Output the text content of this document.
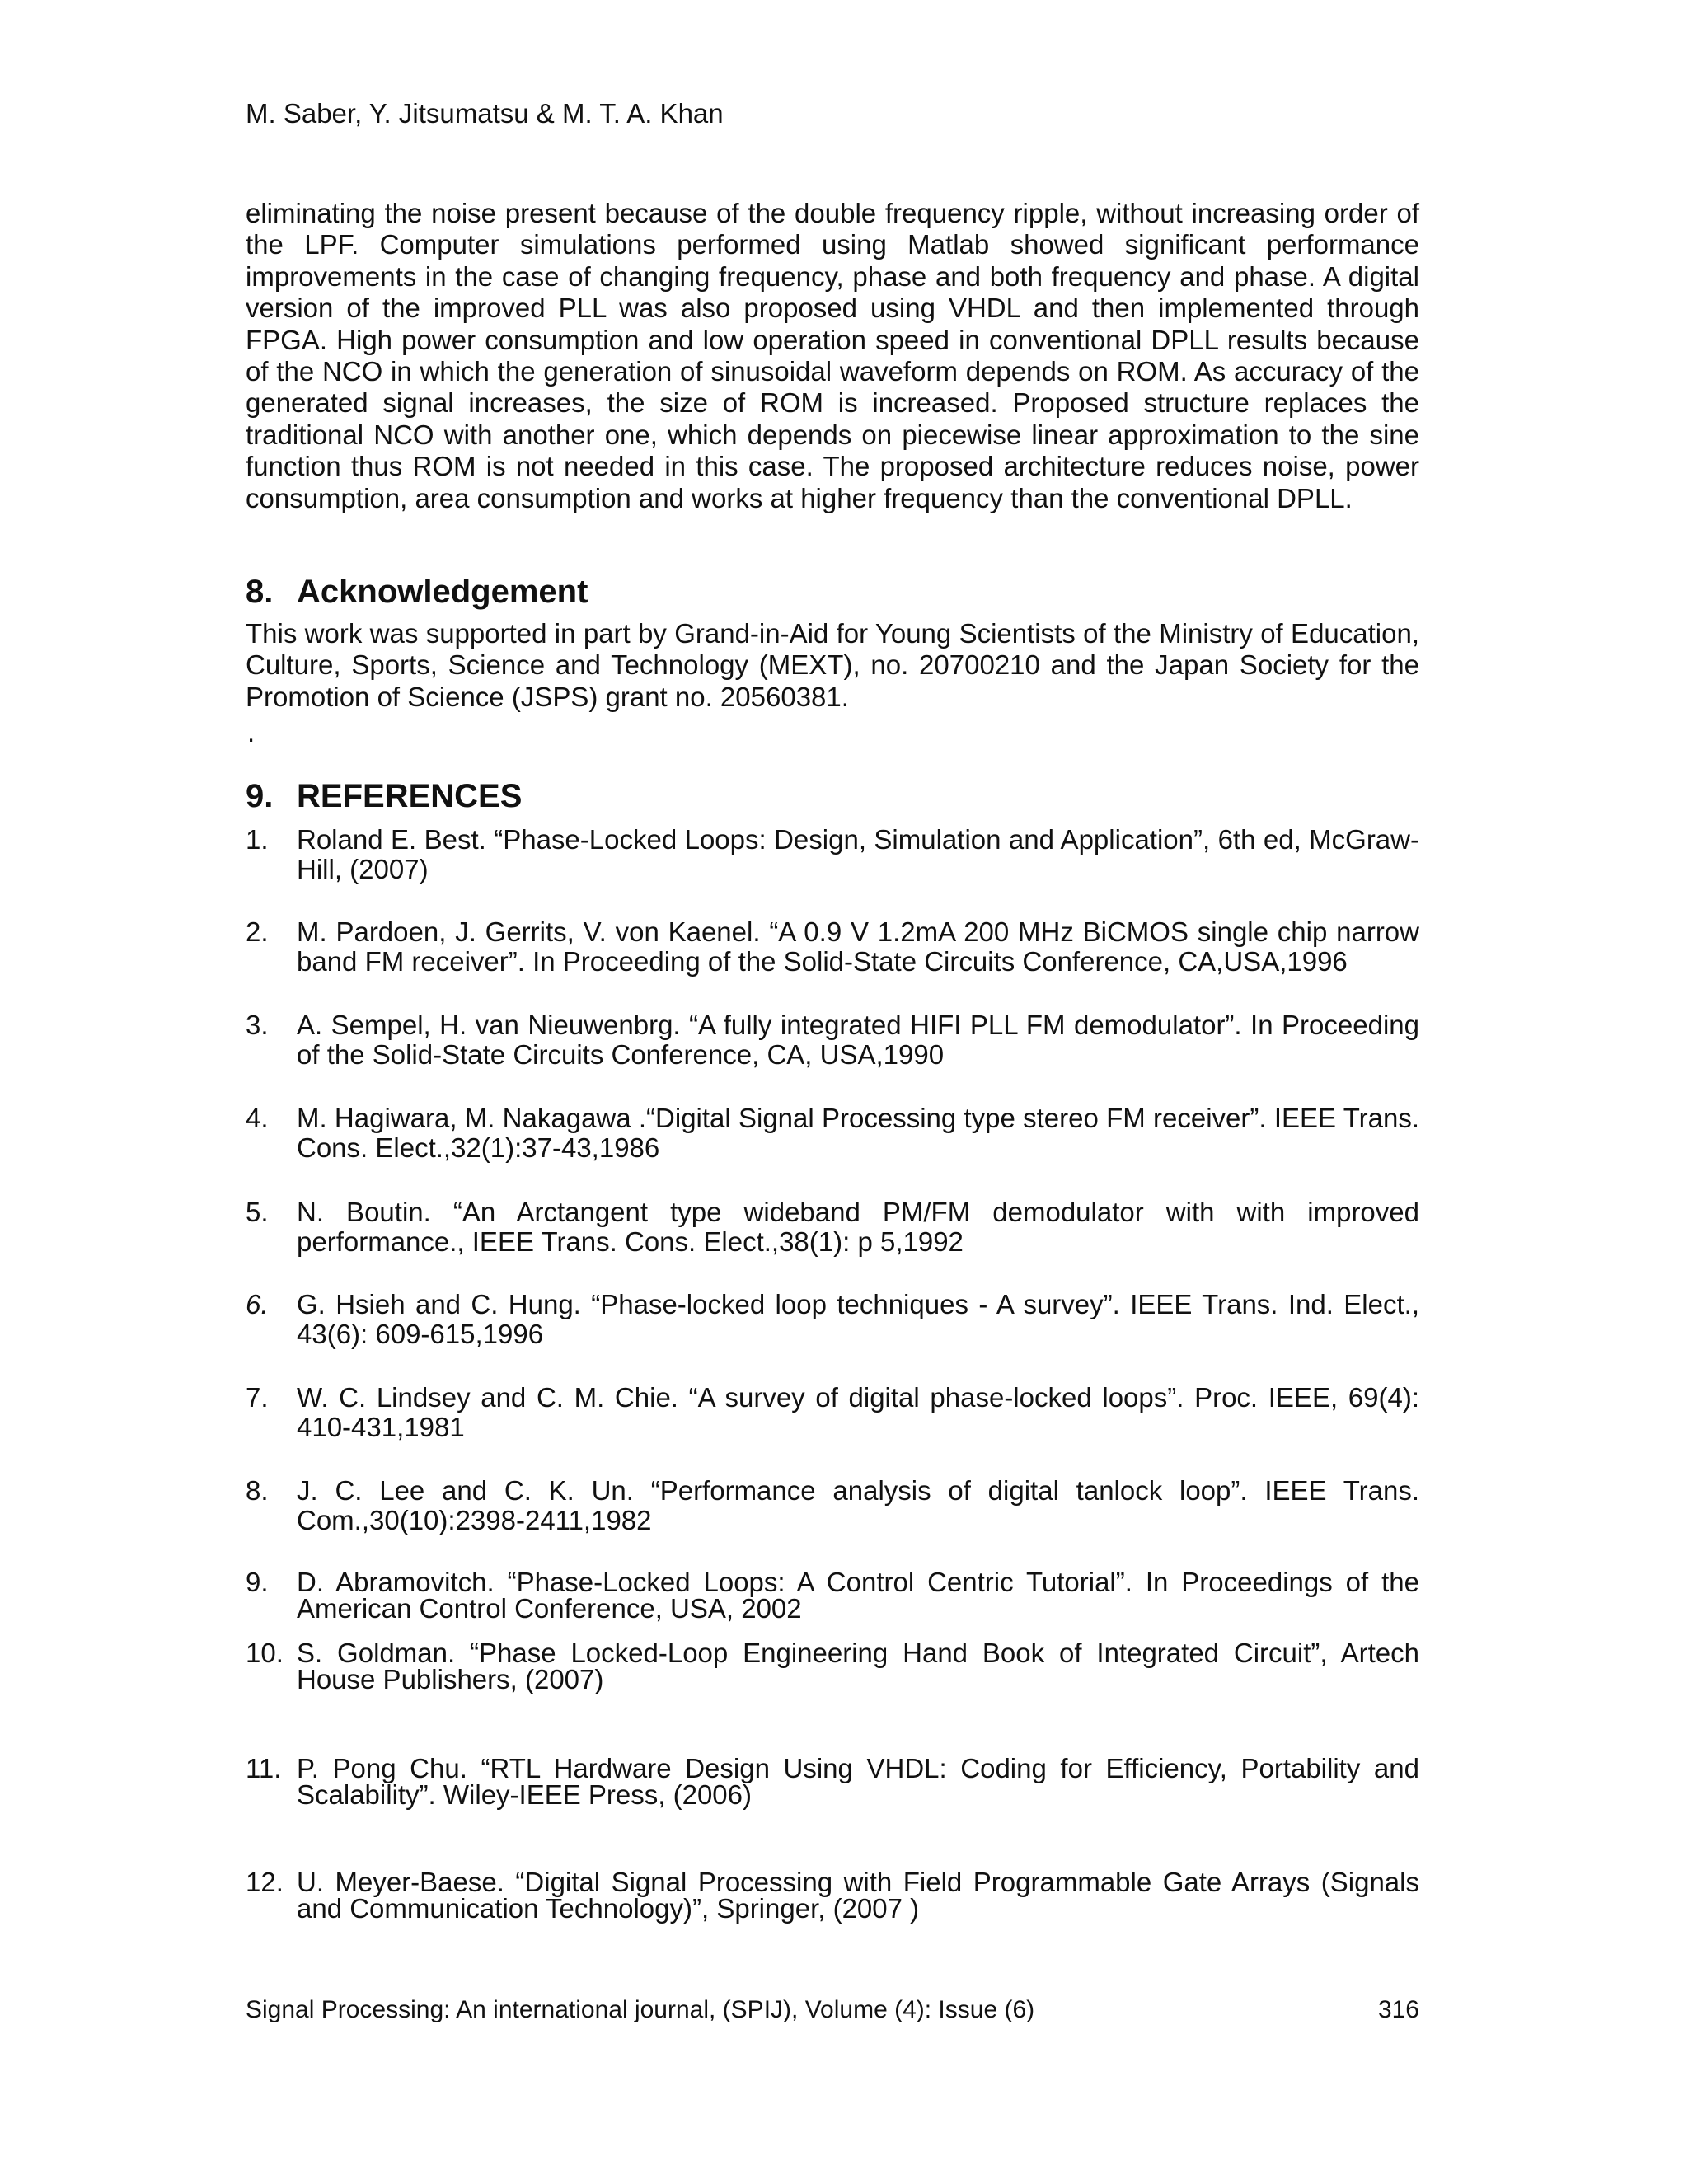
M. Saber, Y. Jitsumatsu & M. T. A. Khan
eliminating the noise present because of the double frequency ripple, without increasing order of the LPF. Computer simulations performed using Matlab showed significant performance improvements in the case of changing frequency, phase and both frequency and phase. A digital version of the improved PLL was also proposed using VHDL and then implemented through FPGA. High power consumption and low operation speed in conventional DPLL results because of the NCO in which the generation of sinusoidal waveform depends on ROM. As accuracy of the generated signal increases, the size of ROM is increased. Proposed structure replaces the traditional NCO with another one, which depends on piecewise linear approximation to the sine function thus ROM is not needed in this case. The proposed architecture reduces noise, power consumption, area consumption and works at higher frequency than the conventional DPLL.
8. Acknowledgement
This work was supported in part by Grand-in-Aid for Young Scientists of the Ministry of Education, Culture, Sports, Science and Technology (MEXT), no. 20700210 and the Japan Society for the Promotion of Science (JSPS) grant no. 20560381.
.
9. REFERENCES
1.	Roland E. Best. “Phase-Locked Loops: Design, Simulation and Application”, 6th ed, McGraw-Hill, (2007)
2.	M. Pardoen, J. Gerrits, V. von Kaenel. “A 0.9 V 1.2mA 200 MHz BiCMOS single chip narrow band FM receiver”. In Proceeding of the Solid-State Circuits Conference, CA,USA,1996
3.	A. Sempel, H. van Nieuwenbrg. “A fully integrated HIFI PLL FM demodulator”. In Proceeding of the Solid-State Circuits Conference, CA, USA,1990
4.	M. Hagiwara, M. Nakagawa .“Digital Signal Processing type stereo FM receiver”. IEEE Trans. Cons. Elect.,32(1):37-43,1986
5.	N. Boutin. “An Arctangent type wideband PM/FM demodulator with with improved performance., IEEE Trans. Cons. Elect.,38(1): p 5,1992
6.	G. Hsieh and C. Hung. “Phase-locked loop techniques - A survey”. IEEE Trans. Ind. Elect., 43(6): 609-615,1996
7.	W. C. Lindsey and C. M. Chie. “A survey of digital phase-locked loops”. Proc. IEEE, 69(4): 410-431,1981
8.	J. C. Lee and C. K. Un. “Performance analysis of digital tanlock loop”. IEEE Trans. Com.,30(10):2398-2411,1982
9.	D. Abramovitch. “Phase-Locked Loops: A Control Centric Tutorial”. In Proceedings of the American Control Conference, USA, 2002
10. S. Goldman. “Phase Locked-Loop Engineering Hand Book of Integrated Circuit”, Artech House Publishers, (2007)
11. P. Pong Chu. “RTL Hardware Design Using VHDL: Coding for Efficiency, Portability and Scalability”. Wiley-IEEE Press, (2006)
12. U. Meyer-Baese. “Digital Signal Processing with Field Programmable Gate Arrays (Signals and Communication Technology)”, Springer, (2007 )
Signal Processing: An international journal, (SPIJ), Volume (4): Issue (6)	316
